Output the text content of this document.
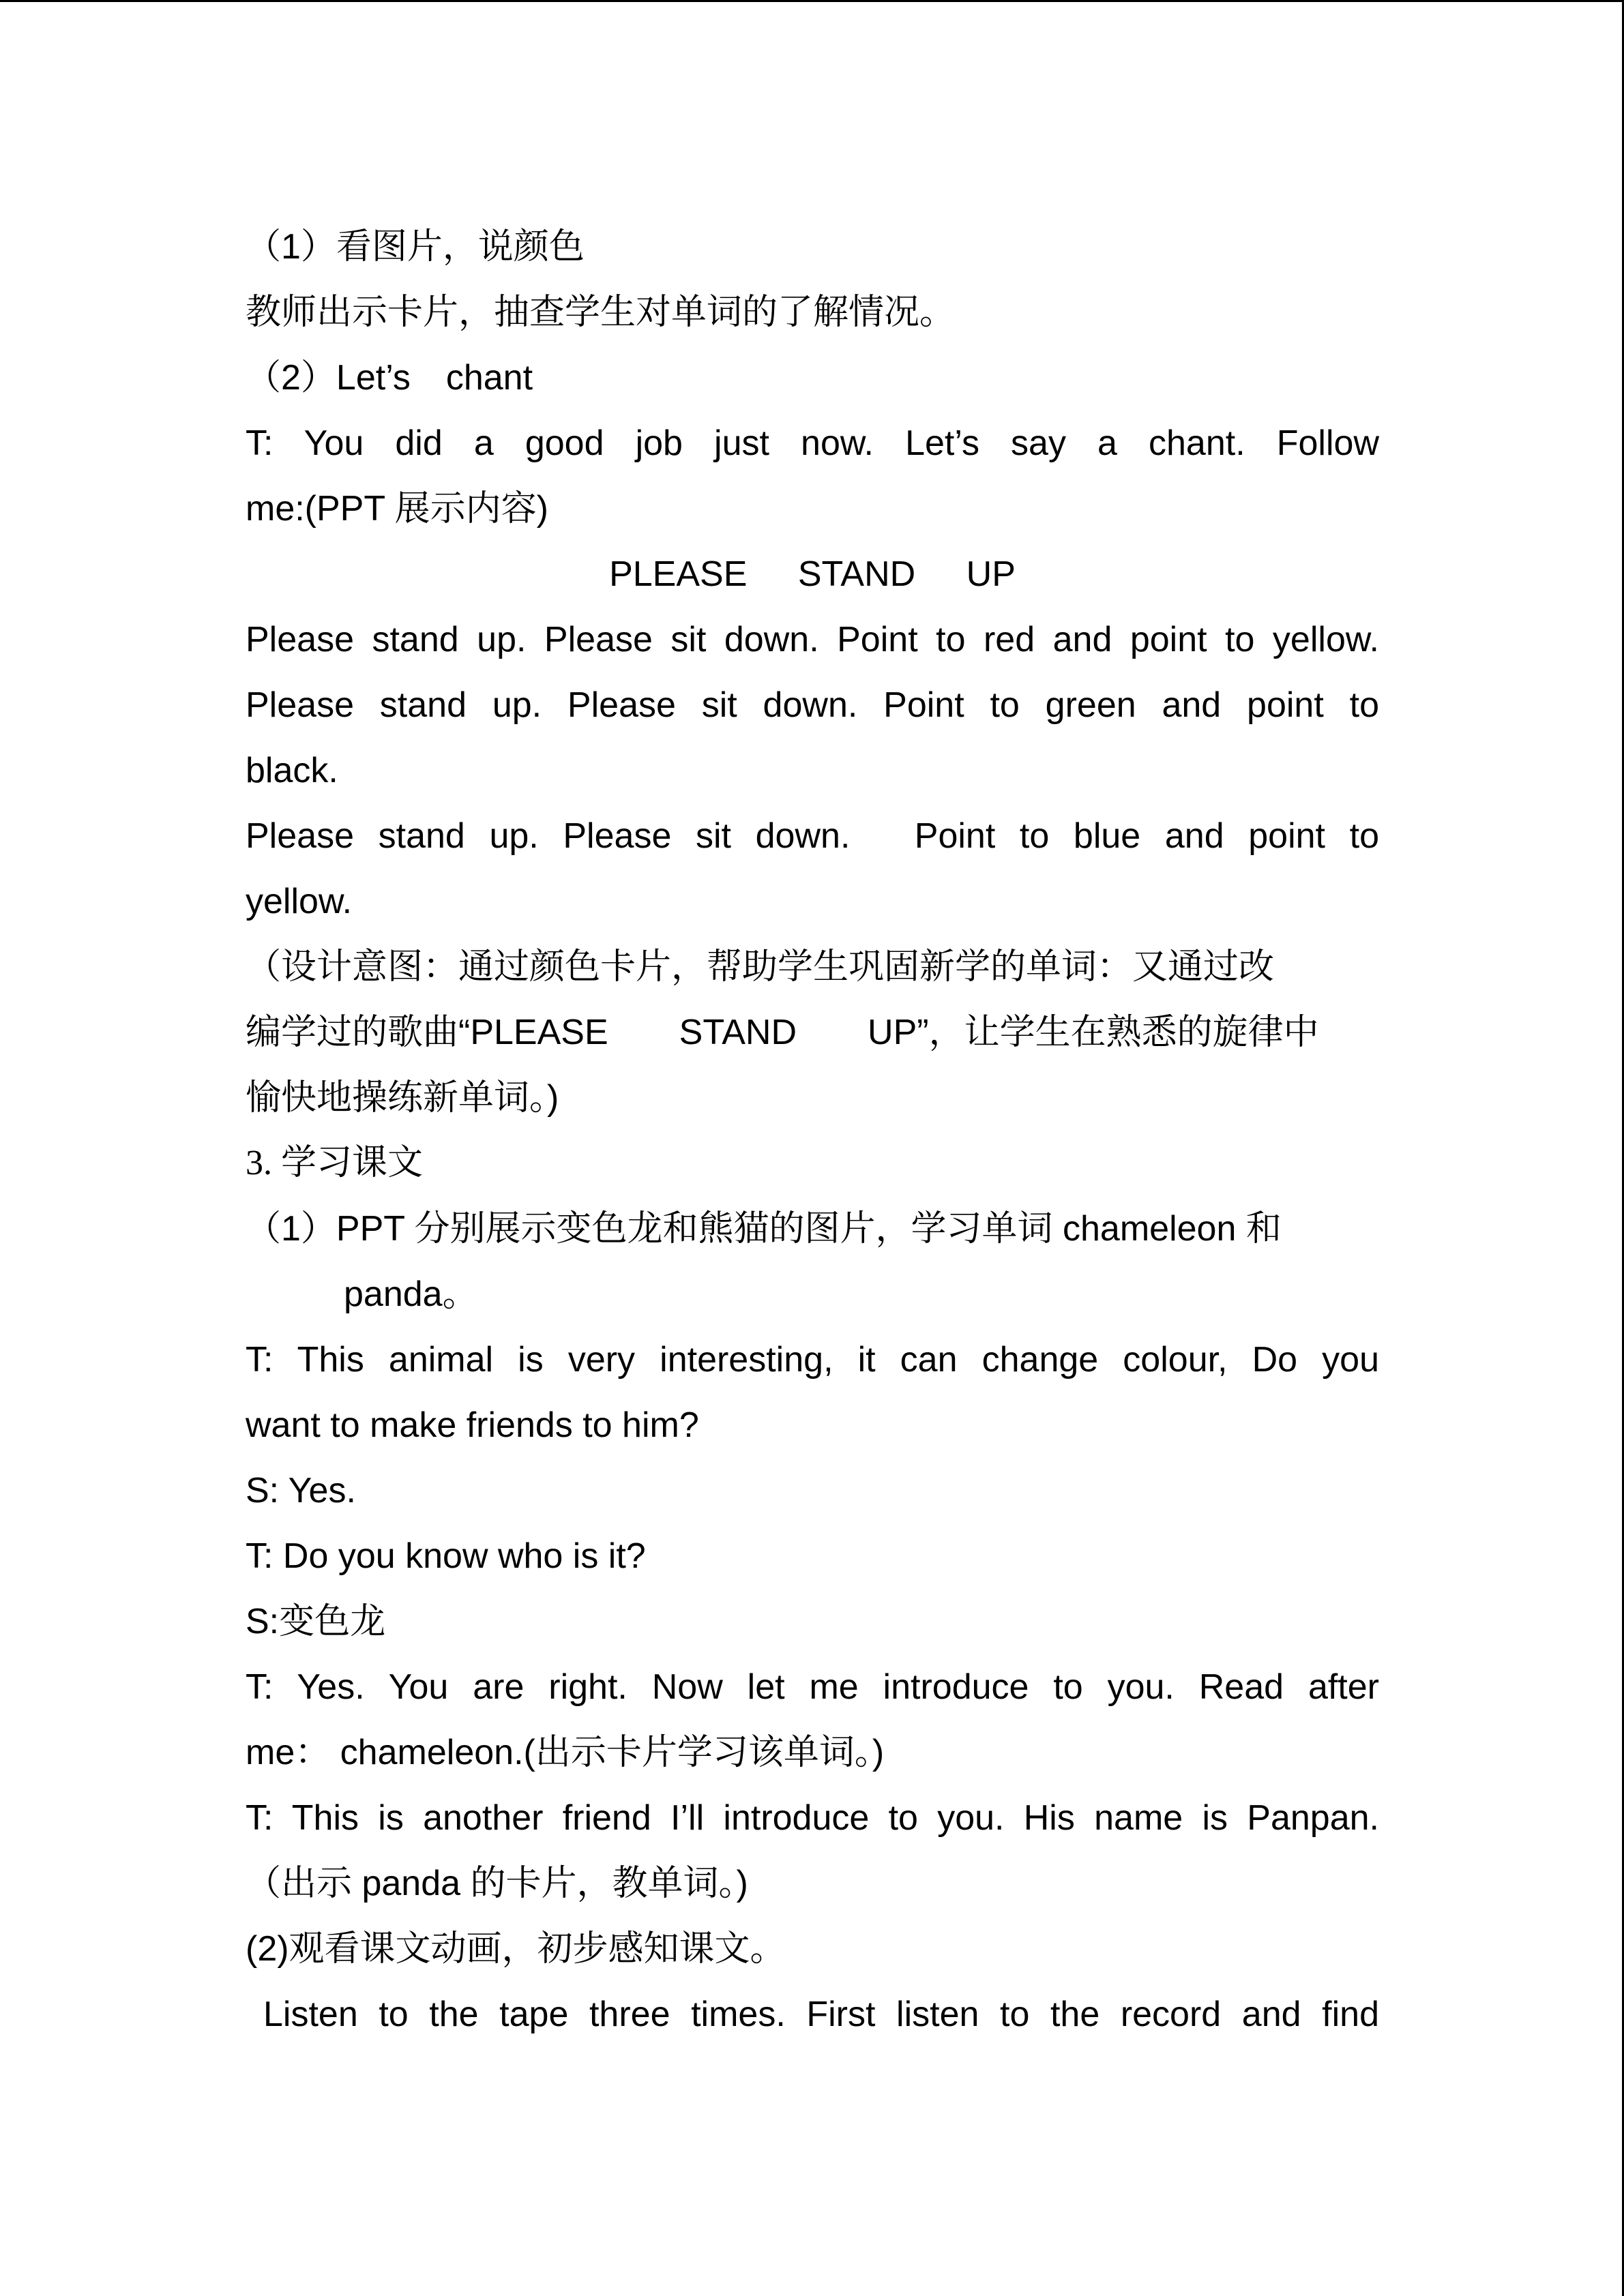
（1）看图片，说颜色
教师出示卡片，抽查学生对单词的了解情况。
（2）Let’s　chant
T: You did a good job just now. Let’s say a chant. Follow
me:(PPT 展示内容)
PLEASE STAND UP
Please stand up. Please sit down. Point to red and point to yellow.
Please stand up. Please sit down. Point to green and point to
black.
Please stand up. Please sit down.　Point to blue and point to
yellow.
（设计意图：通过颜色卡片，帮助学生巩固新学的单词：又通过改
编学过的歌曲“PLEASE　　STAND　　UP”，让学生在熟悉的旋律中
愉快地操练新单词。)
3. 学习课文
（1）PPT 分别展示变色龙和熊猫的图片，学习单词 chameleon 和
panda。
T: This animal is very interesting, it can change colour, Do you
want to make friends to him?
S: Yes.
T: Do you know who is it?
S:变色龙
T: Yes. You are right. Now let me introduce to you. Read after
me： chameleon.(出示卡片学习该单词。)
T: This is another friend I’ll introduce to you. His name is Panpan.
（出示 panda 的卡片，教单词。)
(2)观看课文动画，初步感知课文。
Listen to the tape three times. First listen to the record and find
